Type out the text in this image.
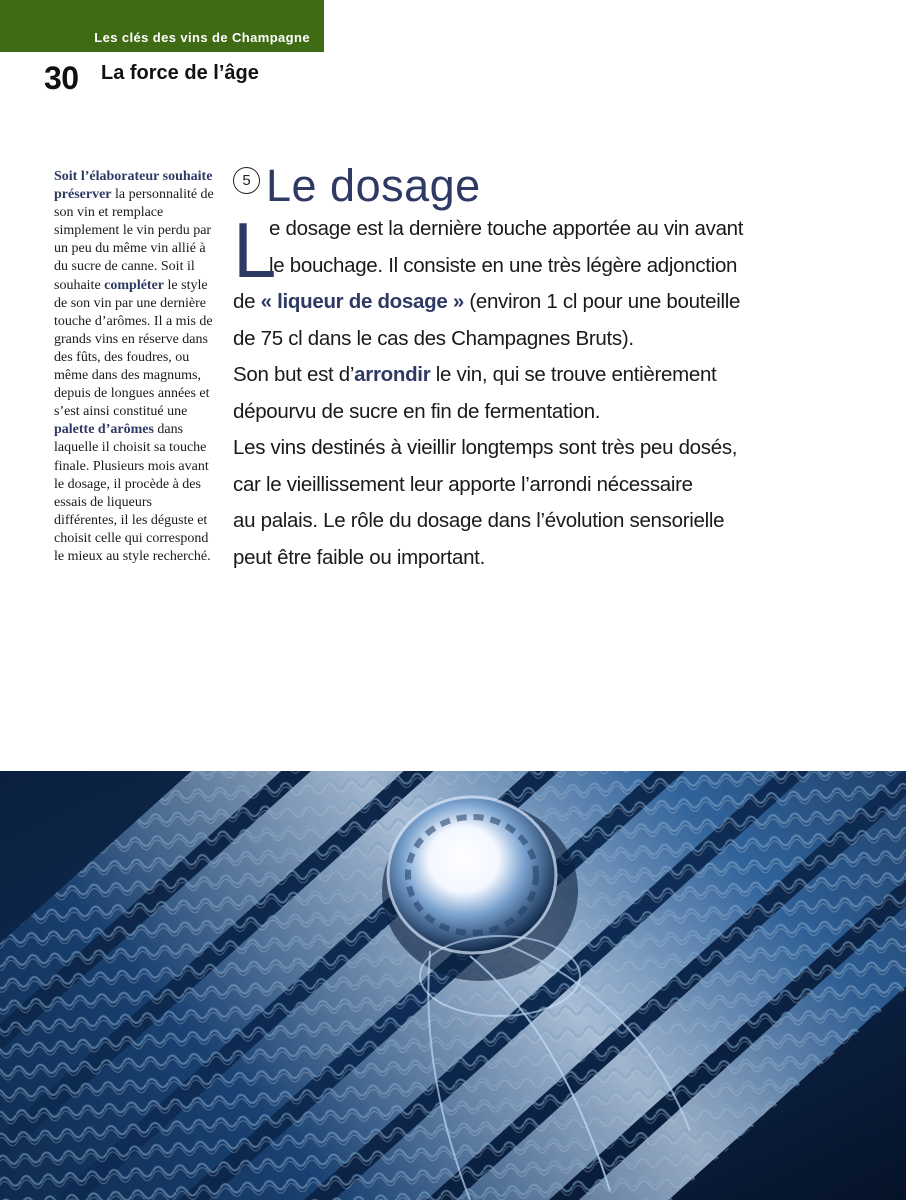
Les clés des vins de Champagne
30 La force de l’âge
Soit l’élaborateur souhaite préserver la personnalité de son vin et remplace simplement le vin perdu par un peu du même vin allié à du sucre de canne. Soit il souhaite compléter le style de son vin par une dernière touche d’arômes. Il a mis de grands vins en réserve dans des fûts, des foudres, ou même dans des magnums, depuis de longues années et s’est ainsi constitué une palette d’arômes dans laquelle il choisit sa touche finale. Plusieurs mois avant le dosage, il procède à des essais de liqueurs différentes, il les déguste et choisit celle qui correspond le mieux au style recherché.
5 Le dosage
L
e dosage est la dernière touche apportée au vin avant
le bouchage. Il consiste en une très légère adjonction
de « liqueur de dosage » (environ 1 cl pour une bouteille
de 75 cl dans le cas des Champagnes Bruts).
Son but est d’arrondir le vin, qui se trouve entièrement
dépourvu de sucre en fin de fermentation.
Les vins destinés à vieillir longtemps sont très peu dosés,
car le vieillissement leur apporte l’arrondi nécessaire
au palais. Le rôle du dosage dans l’évolution sensorielle
peut être faible ou important.
